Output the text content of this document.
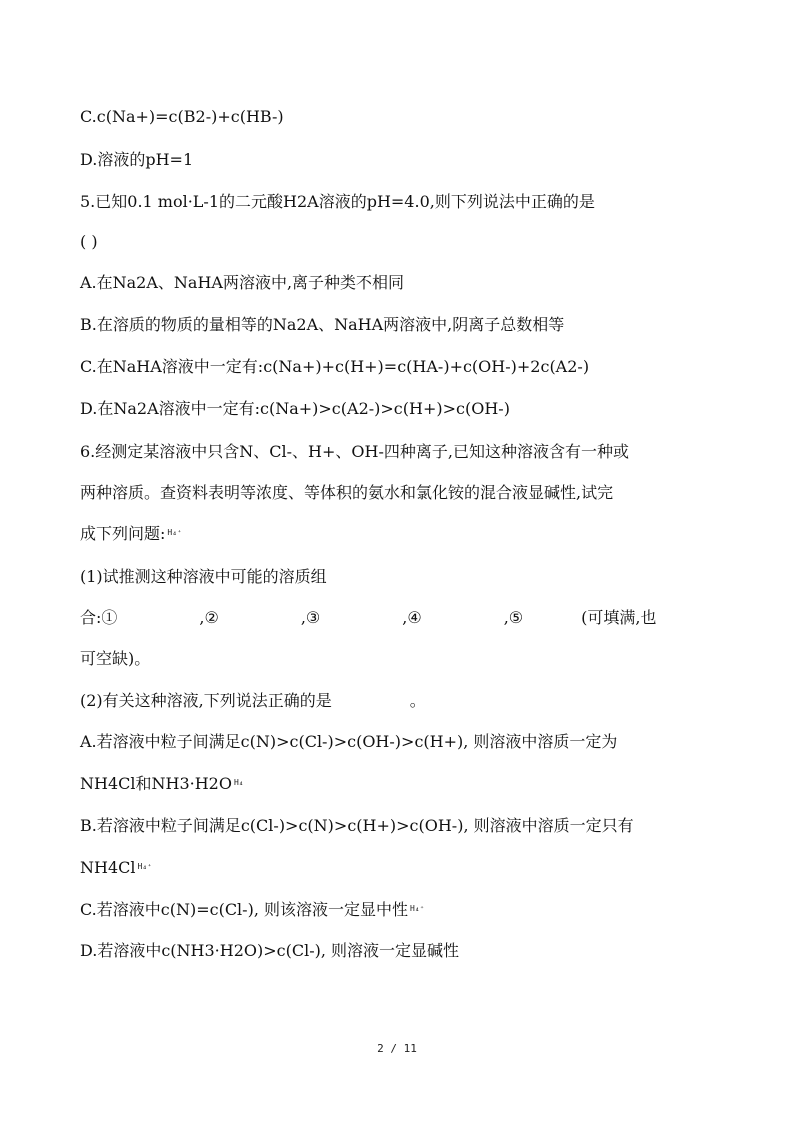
C.c(Na+)=c(B2-)+c(HB-)
D.溶液的pH=1
5.已知0.1 mol·L-1的二元酸H2A溶液的pH=4.0,则下列说法中正确的是
( )
A.在Na2A、NaHA两溶液中,离子种类不相同
B.在溶质的物质的量相等的Na2A、NaHA两溶液中,阴离子总数相等
C.在NaHA溶液中一定有:c(Na+)+c(H+)=c(HA-)+c(OH-)+2c(A2-)
D.在Na2A溶液中一定有:c(Na+)>c(A2-)>c(H+)>c(OH-)
6.经测定某溶液中只含N、Cl-、H+、OH-四种离子,已知这种溶液含有一种或
两种溶质。查资料表明等浓度、等体积的氨水和氯化铵的混合液显碱性,试完
成下列问题: H₄⁺
(1)试推测这种溶液中可能的溶质组
合:①	,②	,③	,④	,⑤	(可填满,也
可空缺)。
(2)有关这种溶液,下列说法正确的是	。
A.若溶液中粒子间满足c(N)>c(Cl-)>c(OH-)>c(H+), 则溶液中溶质一定为
NH4Cl和NH3·H2O H₄
B.若溶液中粒子间满足c(Cl-)>c(N)>c(H+)>c(OH-), 则溶液中溶质一定只有
NH4Cl H₄⁺
C.若溶液中c(N)=c(Cl-), 则该溶液一定显中性 H₄⁺
D.若溶液中c(NH3·H2O)>c(Cl-), 则溶液一定显碱性
2 / 11
